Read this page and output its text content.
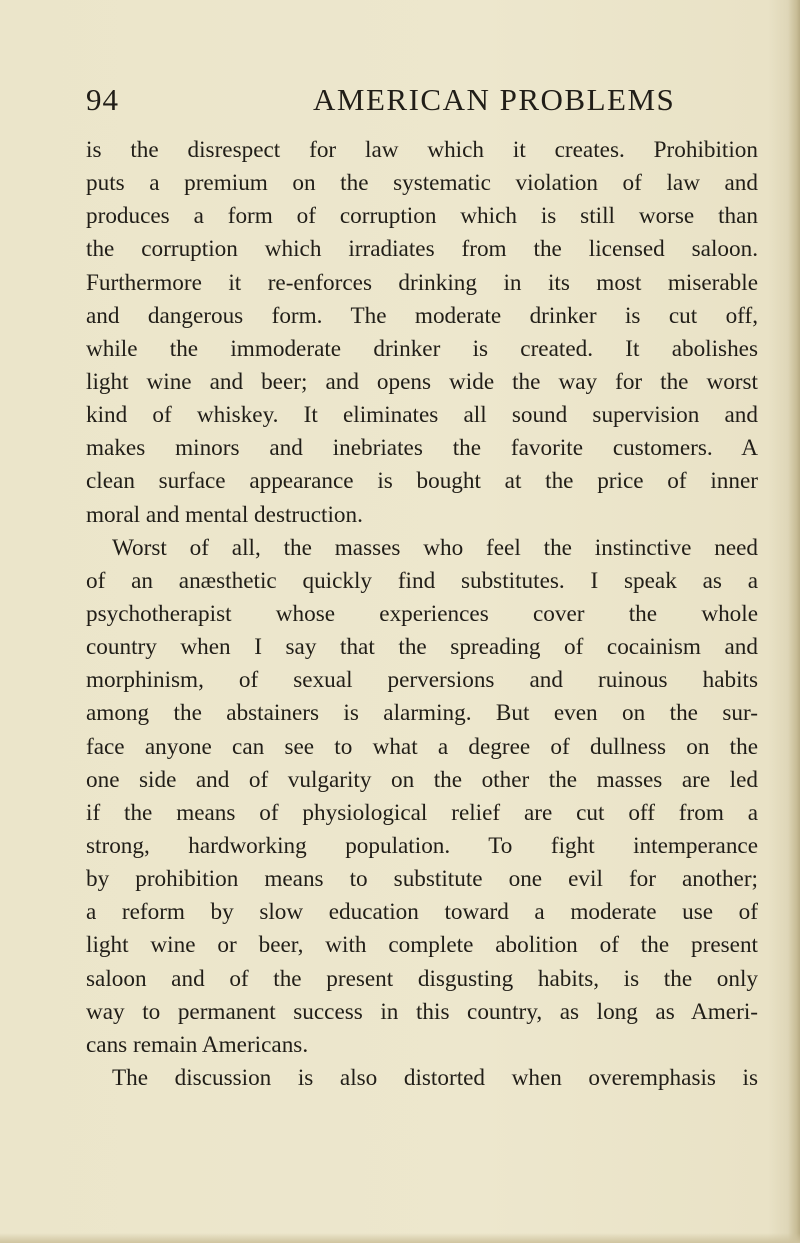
94	AMERICAN PROBLEMS
is the disrespect for law which it creates. Prohibition
puts a premium on the systematic violation of law and
produces a form of corruption which is still worse than
the corruption which irradiates from the licensed saloon.
Furthermore it re-enforces drinking in its most miserable
and dangerous form. The moderate drinker is cut off,
while the immoderate drinker is created. It abolishes
light wine and beer; and opens wide the way for the worst
kind of whiskey. It eliminates all sound supervision and
makes minors and inebriates the favorite customers. A
clean surface appearance is bought at the price of inner
moral and mental destruction.
Worst of all, the masses who feel the instinctive need
of an anæsthetic quickly find substitutes. I speak as a
psychotherapist whose experiences cover the whole
country when I say that the spreading of cocainism and
morphinism, of sexual perversions and ruinous habits
among the abstainers is alarming. But even on the sur-
face anyone can see to what a degree of dullness on the
one side and of vulgarity on the other the masses are led
if the means of physiological relief are cut off from a
strong, hardworking population. To fight intemperance
by prohibition means to substitute one evil for another;
a reform by slow education toward a moderate use of
light wine or beer, with complete abolition of the present
saloon and of the present disgusting habits, is the only
way to permanent success in this country, as long as Ameri-
cans remain Americans.
The discussion is also distorted when overemphasis is
